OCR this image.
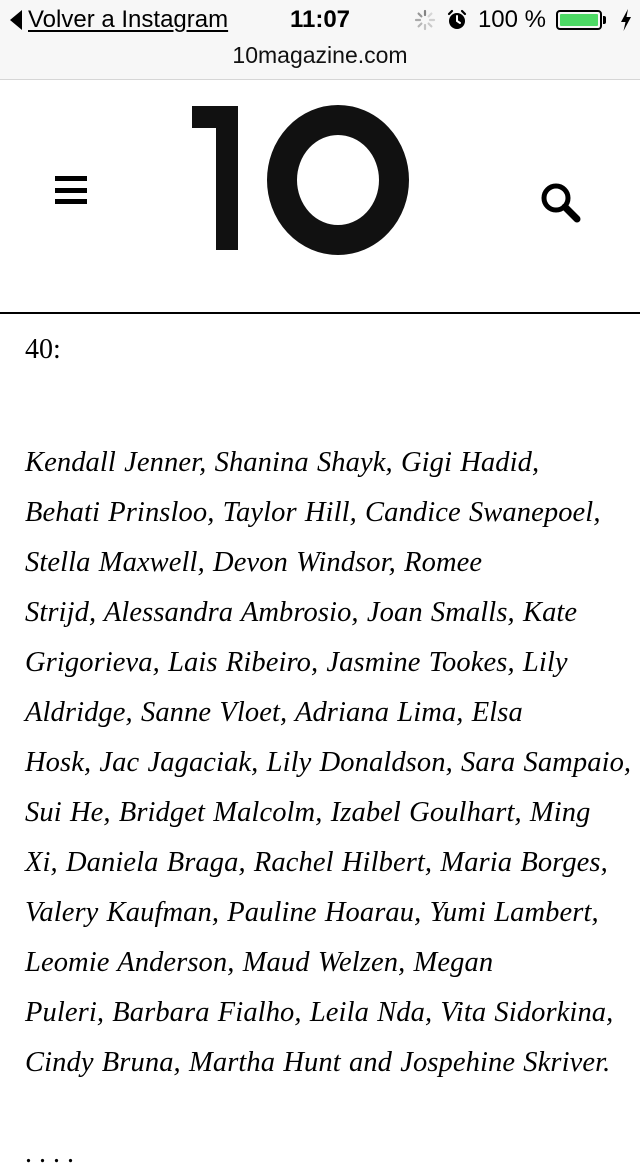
Volver a Instagram	11:07	100 %
10magazine.com
10

40:

Kendall Jenner, Shanina Shayk, Gigi Hadid,
Behati Prinsloo, Taylor Hill, Candice Swanepoel,
Stella Maxwell, Devon Windsor, Romee
Strijd, Alessandra Ambrosio, Joan Smalls, Kate
Grigorieva, Lais Ribeiro, Jasmine Tookes, Lily
Aldridge, Sanne Vloet, Adriana Lima, Elsa
Hosk, Jac Jagaciak, Lily Donaldson, Sara Sampaio,
Sui He, Bridget Malcolm, Izabel Goulhart, Ming
Xi, Daniela Braga, Rachel Hilbert, Maria Borges,
Valery Kaufman, Pauline Hoarau, Yumi Lambert,
Leomie Anderson, Maud Welzen, Megan
Puleri, Barbara Fialho, Leila Nda, Vita Sidorkina,
Cindy Bruna, Martha Hunt and Jospehine Skriver.

. . . .
